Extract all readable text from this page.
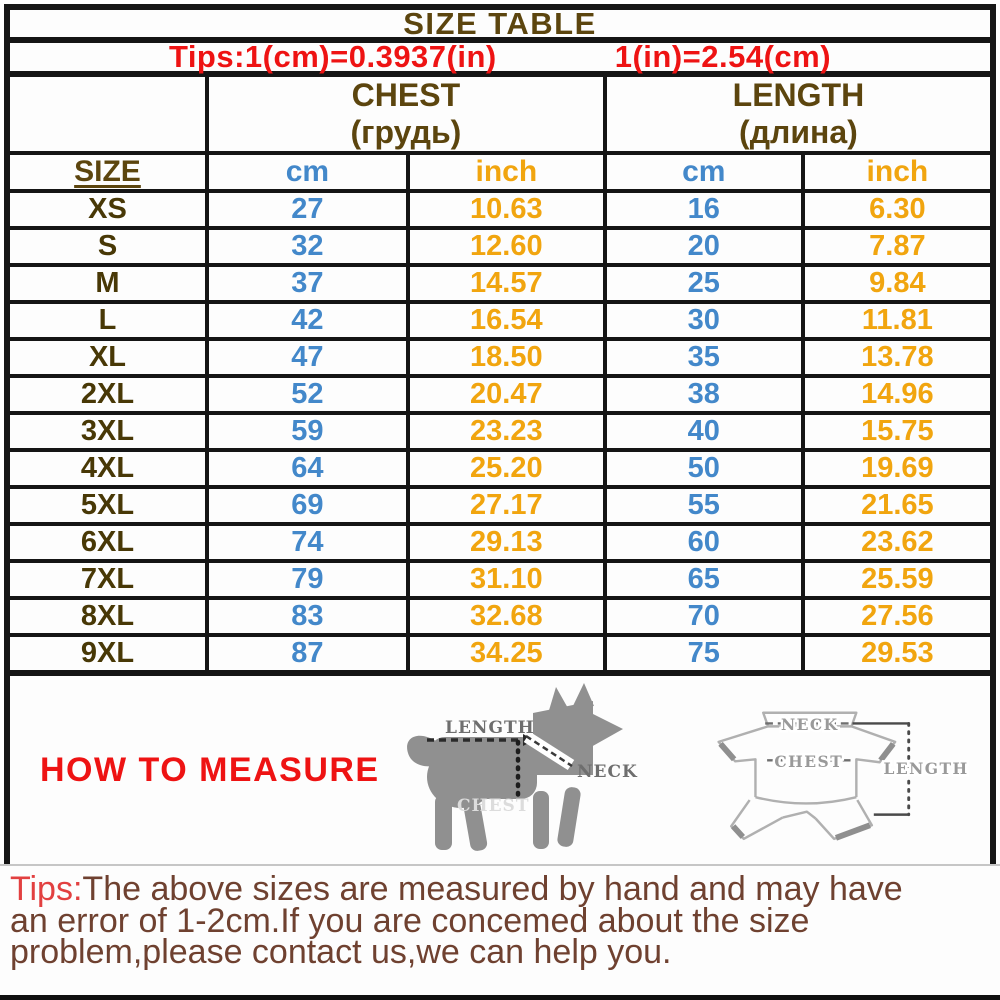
SIZE TABLE
Tips:1(cm)=0.3937(in)	1(in)=2.54(cm)

CHEST
(грудь)

LENGTH
(длина)

SIZE	cm	inch	cm	inch
XS	27	10.63	16	6.30
S	32	12.60	20	7.87
M	37	14.57	25	9.84
L	42	16.54	30	11.81
XL	47	18.50	35	13.78
2XL	52	20.47	38	14.96
3XL	59	23.23	40	15.75
4XL	64	25.20	50	19.69
5XL	69	27.17	55	21.65
6XL	74	29.13	60	23.62
7XL	79	31.10	65	25.59
8XL	83	32.68	70	27.56
9XL	87	34.25	75	29.53
HOW TO MEASURE
LENGTH
NECK
CHEST
NECK
CHEST	LENGTH
Tips:The above sizes are measured by hand and may have
an error of 1-2cm.If you are concemed about the size
problem,please contact us,we can help you.
